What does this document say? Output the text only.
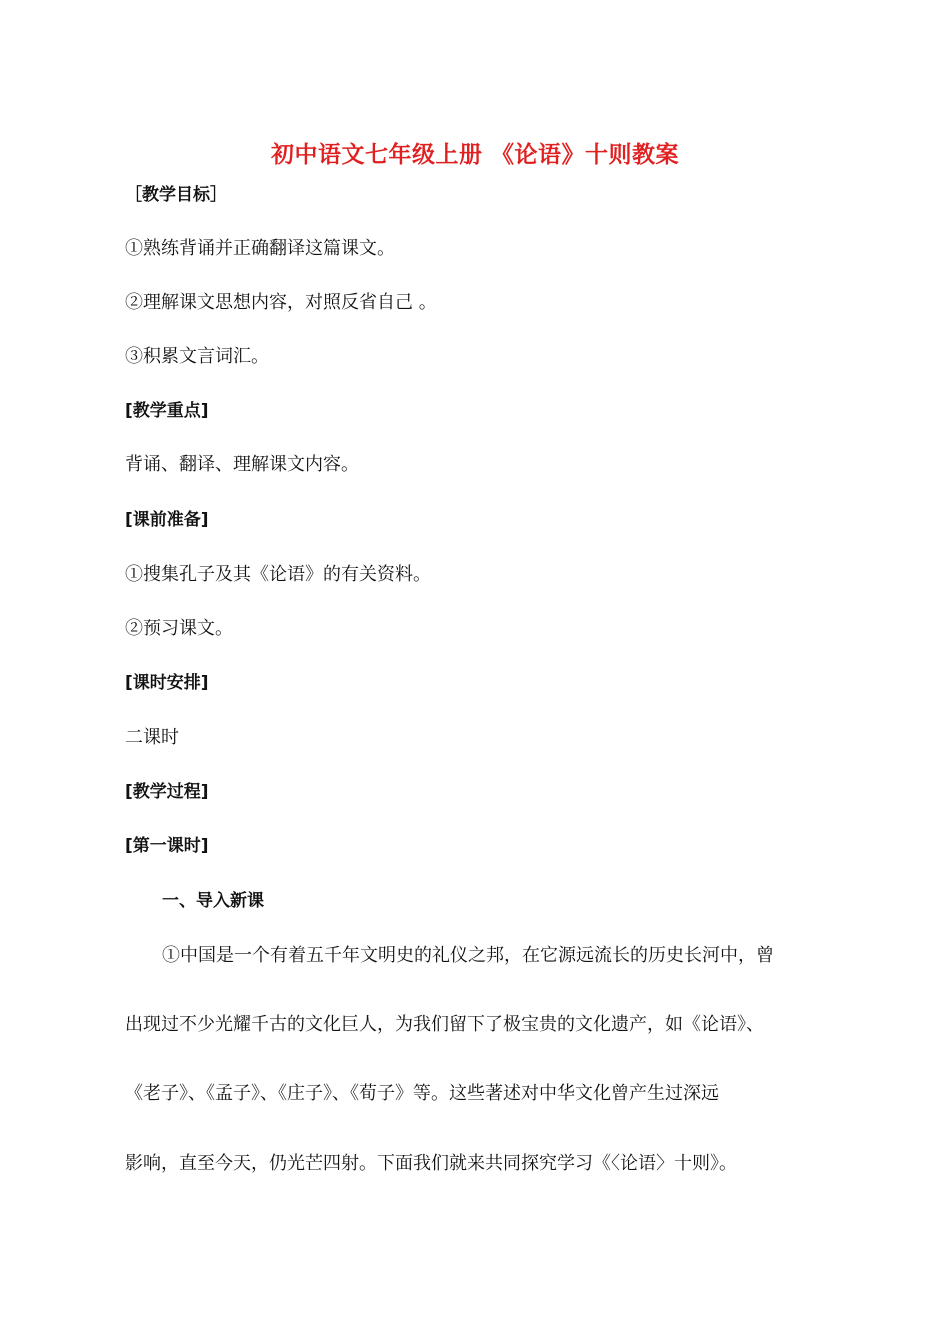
初中语文七年级上册 《论语》十则教案
［教学目标］
①熟练背诵并正确翻译这篇课文。
②理解课文思想内容，对照反省自己 。
③积累文言词汇。
[教学重点]
背诵、翻译、理解课文内容。
[课前准备]
①搜集孔子及其《论语》的有关资料。
②预习课文。
[课时安排]
二课时
[教学过程]
[第一课时]
一、导入新课
①中国是一个有着五千年文明史的礼仪之邦，在它源远流长的历史长河中，曾
出现过不少光耀千古的文化巨人，为我们留下了极宝贵的文化遗产，如《论语》、
《老子》、《孟子》、《庄子》、《荀子》等。这些著述对中华文化曾产生过深远
影响，直至今天，仍光芒四射。下面我们就来共同探究学习《〈论语〉十则》。
